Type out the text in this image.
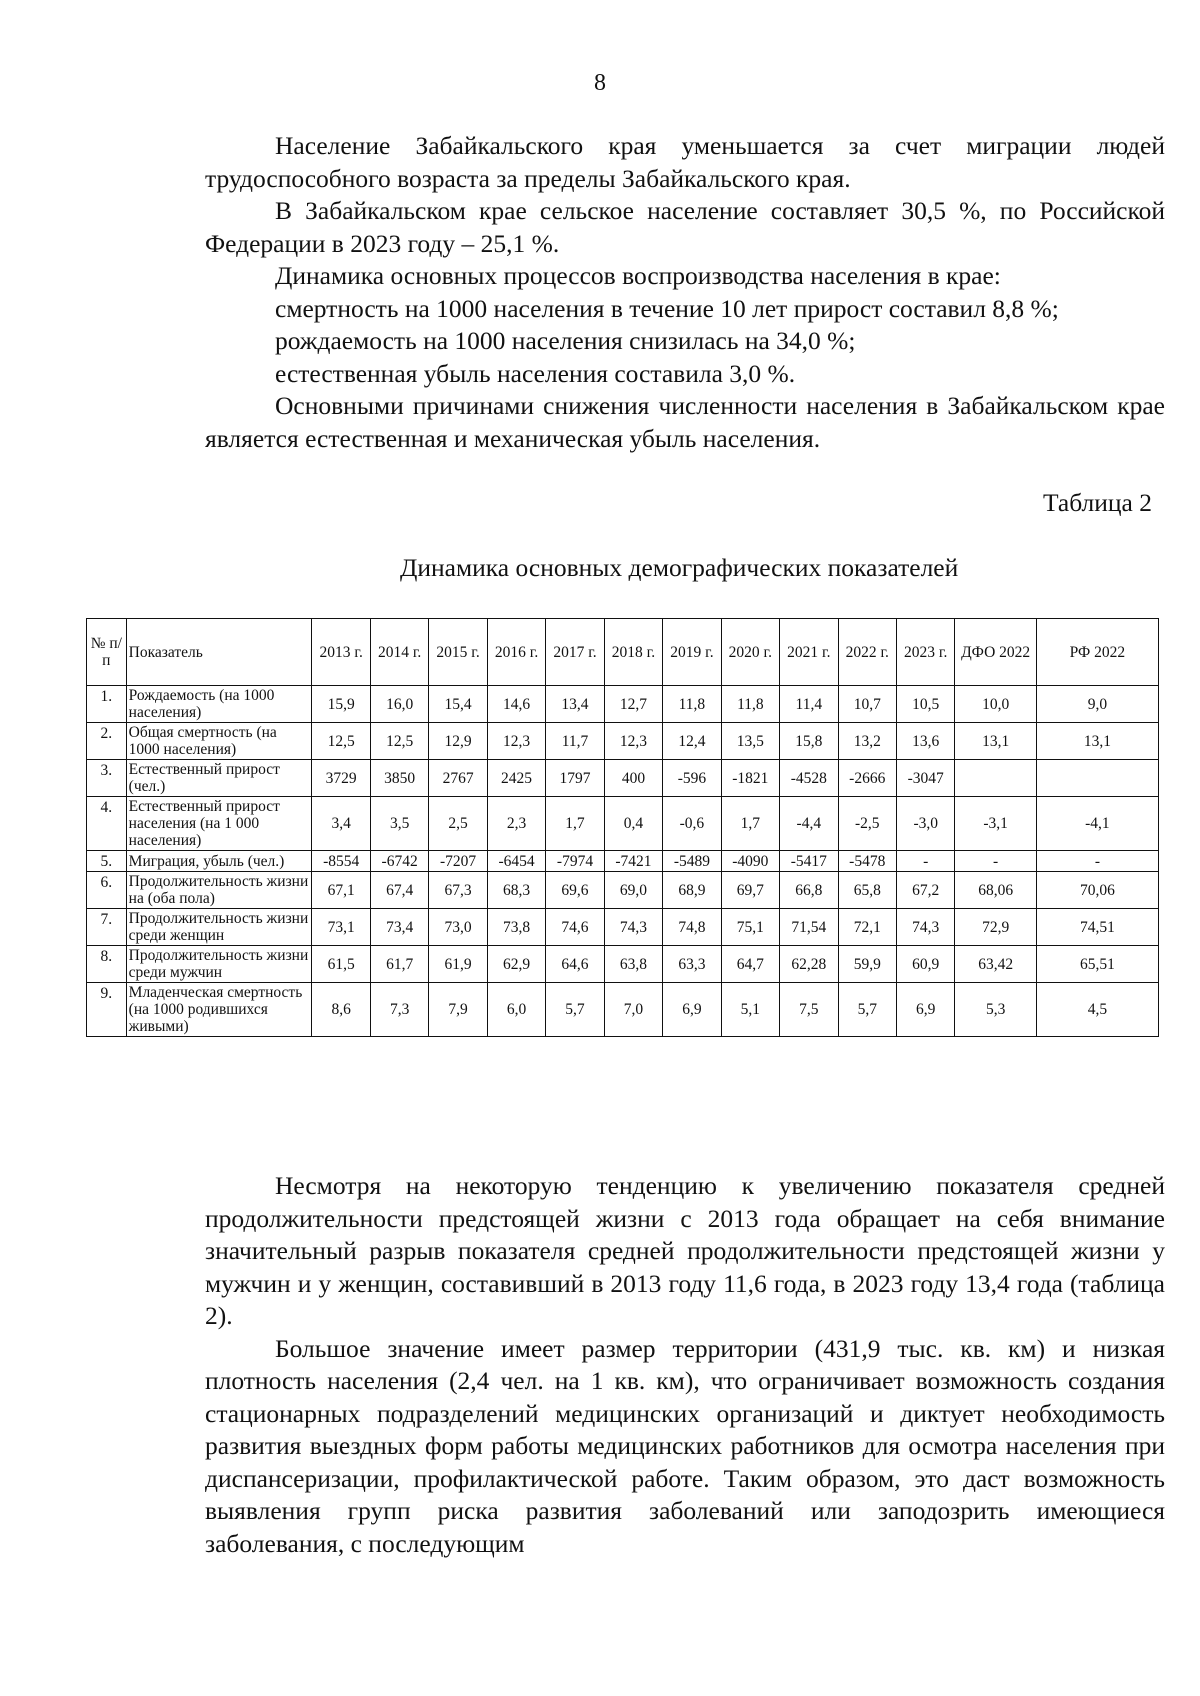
8

Население Забайкальского края уменьшается за счет миграции людей трудоспособного возраста за пределы Забайкальского края.

В Забайкальском крае сельское население составляет 30,5 %, по Российской Федерации в 2023 году – 25,1 %.

Динамика основных процессов воспроизводства населения в крае:

смертность на 1000 населения в течение 10 лет прирост составил 8,8 %;

рождаемость на 1000 населения снизилась на 34,0 %;

естественная убыль населения составила 3,0 %.

Основными причинами снижения численности населения в Забайкальском крае является естественная и механическая убыль населения.

Таблица 2
Динамика основных демографических показателей
№ п/п	Показатель	2013 г.	2014 г.	2015 г.	2016 г.	2017 г.	2018 г.	2019 г.	2020 г.	2021 г.	2022 г.	2023 г.	ДФО 2022	РФ 2022
1.	Рождаемость (на 1000 населения)	15,9	16,0	15,4	14,6	13,4	12,7	11,8	11,8	11,4	10,7	10,5	10,0	9,0
2.	Общая смертность (на 1000 населения)	12,5	12,5	12,9	12,3	11,7	12,3	12,4	13,5	15,8	13,2	13,6	13,1	13,1
3.	Естественный прирост (чел.)	3729	3850	2767	2425	1797	400	-596	-1821	-4528	-2666	-3047		
4.	Естественный прирост населения (на 1 000 населения)	3,4	3,5	2,5	2,3	1,7	0,4	-0,6	1,7	-4,4	-2,5	-3,0	-3,1	-4,1
5.	Миграция, убыль (чел.)	-8554	-6742	-7207	-6454	-7974	-7421	-5489	-4090	-5417	-5478	-	-	-
6.	Продолжительность жизни на (оба пола)	67,1	67,4	67,3	68,3	69,6	69,0	68,9	69,7	66,8	65,8	67,2	68,06	70,06
7.	Продолжительность жизни среди женщин	73,1	73,4	73,0	73,8	74,6	74,3	74,8	75,1	71,54	72,1	74,3	72,9	74,51
8.	Продолжительность жизни среди мужчин	61,5	61,7	61,9	62,9	64,6	63,8	63,3	64,7	62,28	59,9	60,9	63,42	65,51
9.	Младенческая смертность (на 1000 родившихся живыми)	8,6	7,3	7,9	6,0	5,7	7,0	6,9	5,1	7,5	5,7	6,9	5,3	4,5

Несмотря на некоторую тенденцию к увеличению показателя средней продолжительности предстоящей жизни с 2013 года обращает на себя внимание значительный разрыв показателя средней продолжительности предстоящей жизни у мужчин и у женщин, составивший в 2013 году 11,6 года, в 2023 году 13,4 года (таблица 2).

Большое значение имеет размер территории (431,9 тыс. кв. км) и низкая плотность населения (2,4 чел. на 1 кв. км), что ограничивает возможность создания стационарных подразделений медицинских организаций и диктует необходимость развития выездных форм работы медицинских работников для осмотра населения при диспансеризации, профилактической работе. Таким образом, это даст возможность выявления групп риска развития заболеваний или заподозрить имеющиеся заболевания, с последующим
